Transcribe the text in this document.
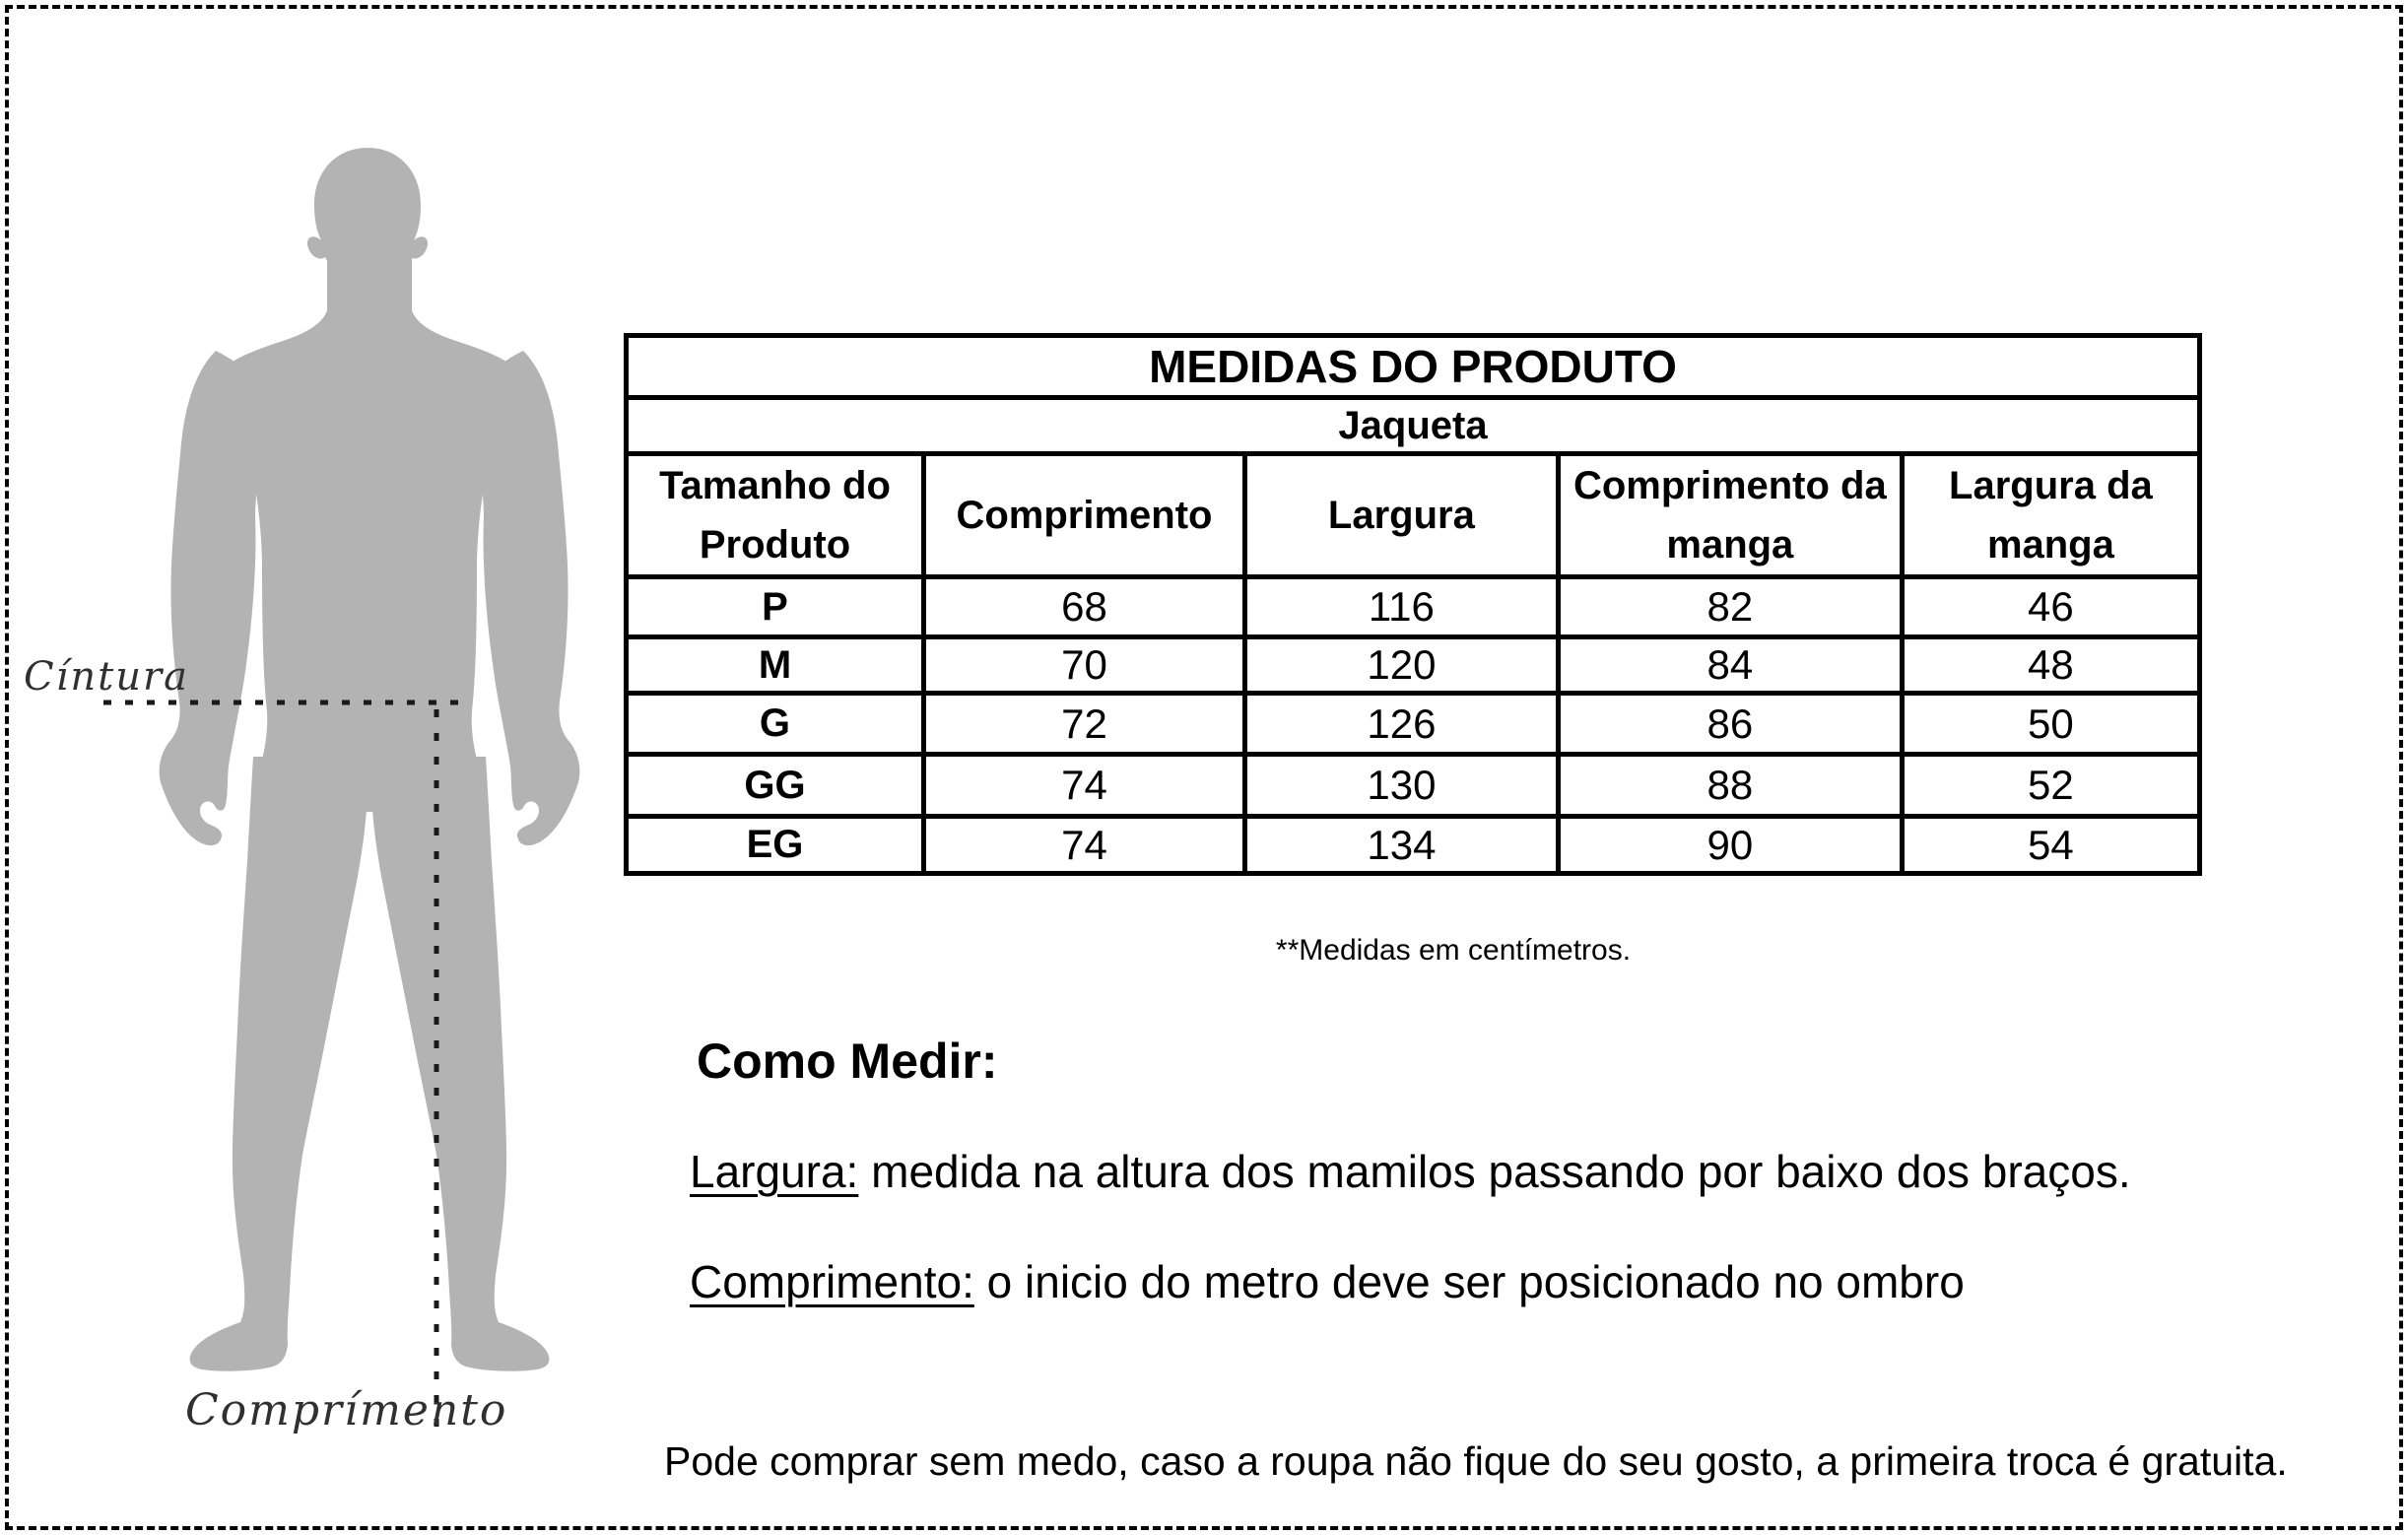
Cíntura
Comprímento
MEDIDAS DO PRODUTO				
Jaqueta				
Tamanho do Produto	Comprimento	Largura	Comprimento da manga	Largura da manga
P	68	116	82	46
M	70	120	84	48
G	72	126	86	50
GG	74	130	88	52
EG	74	134	90	54
**Medidas em centímetros.
Como Medir:
Largura: medida na altura dos mamilos passando por baixo dos braços.
Comprimento: o inicio do metro deve ser posicionado no ombro
Pode comprar sem medo, caso a roupa não fique do seu gosto, a primeira troca é gratuita.
